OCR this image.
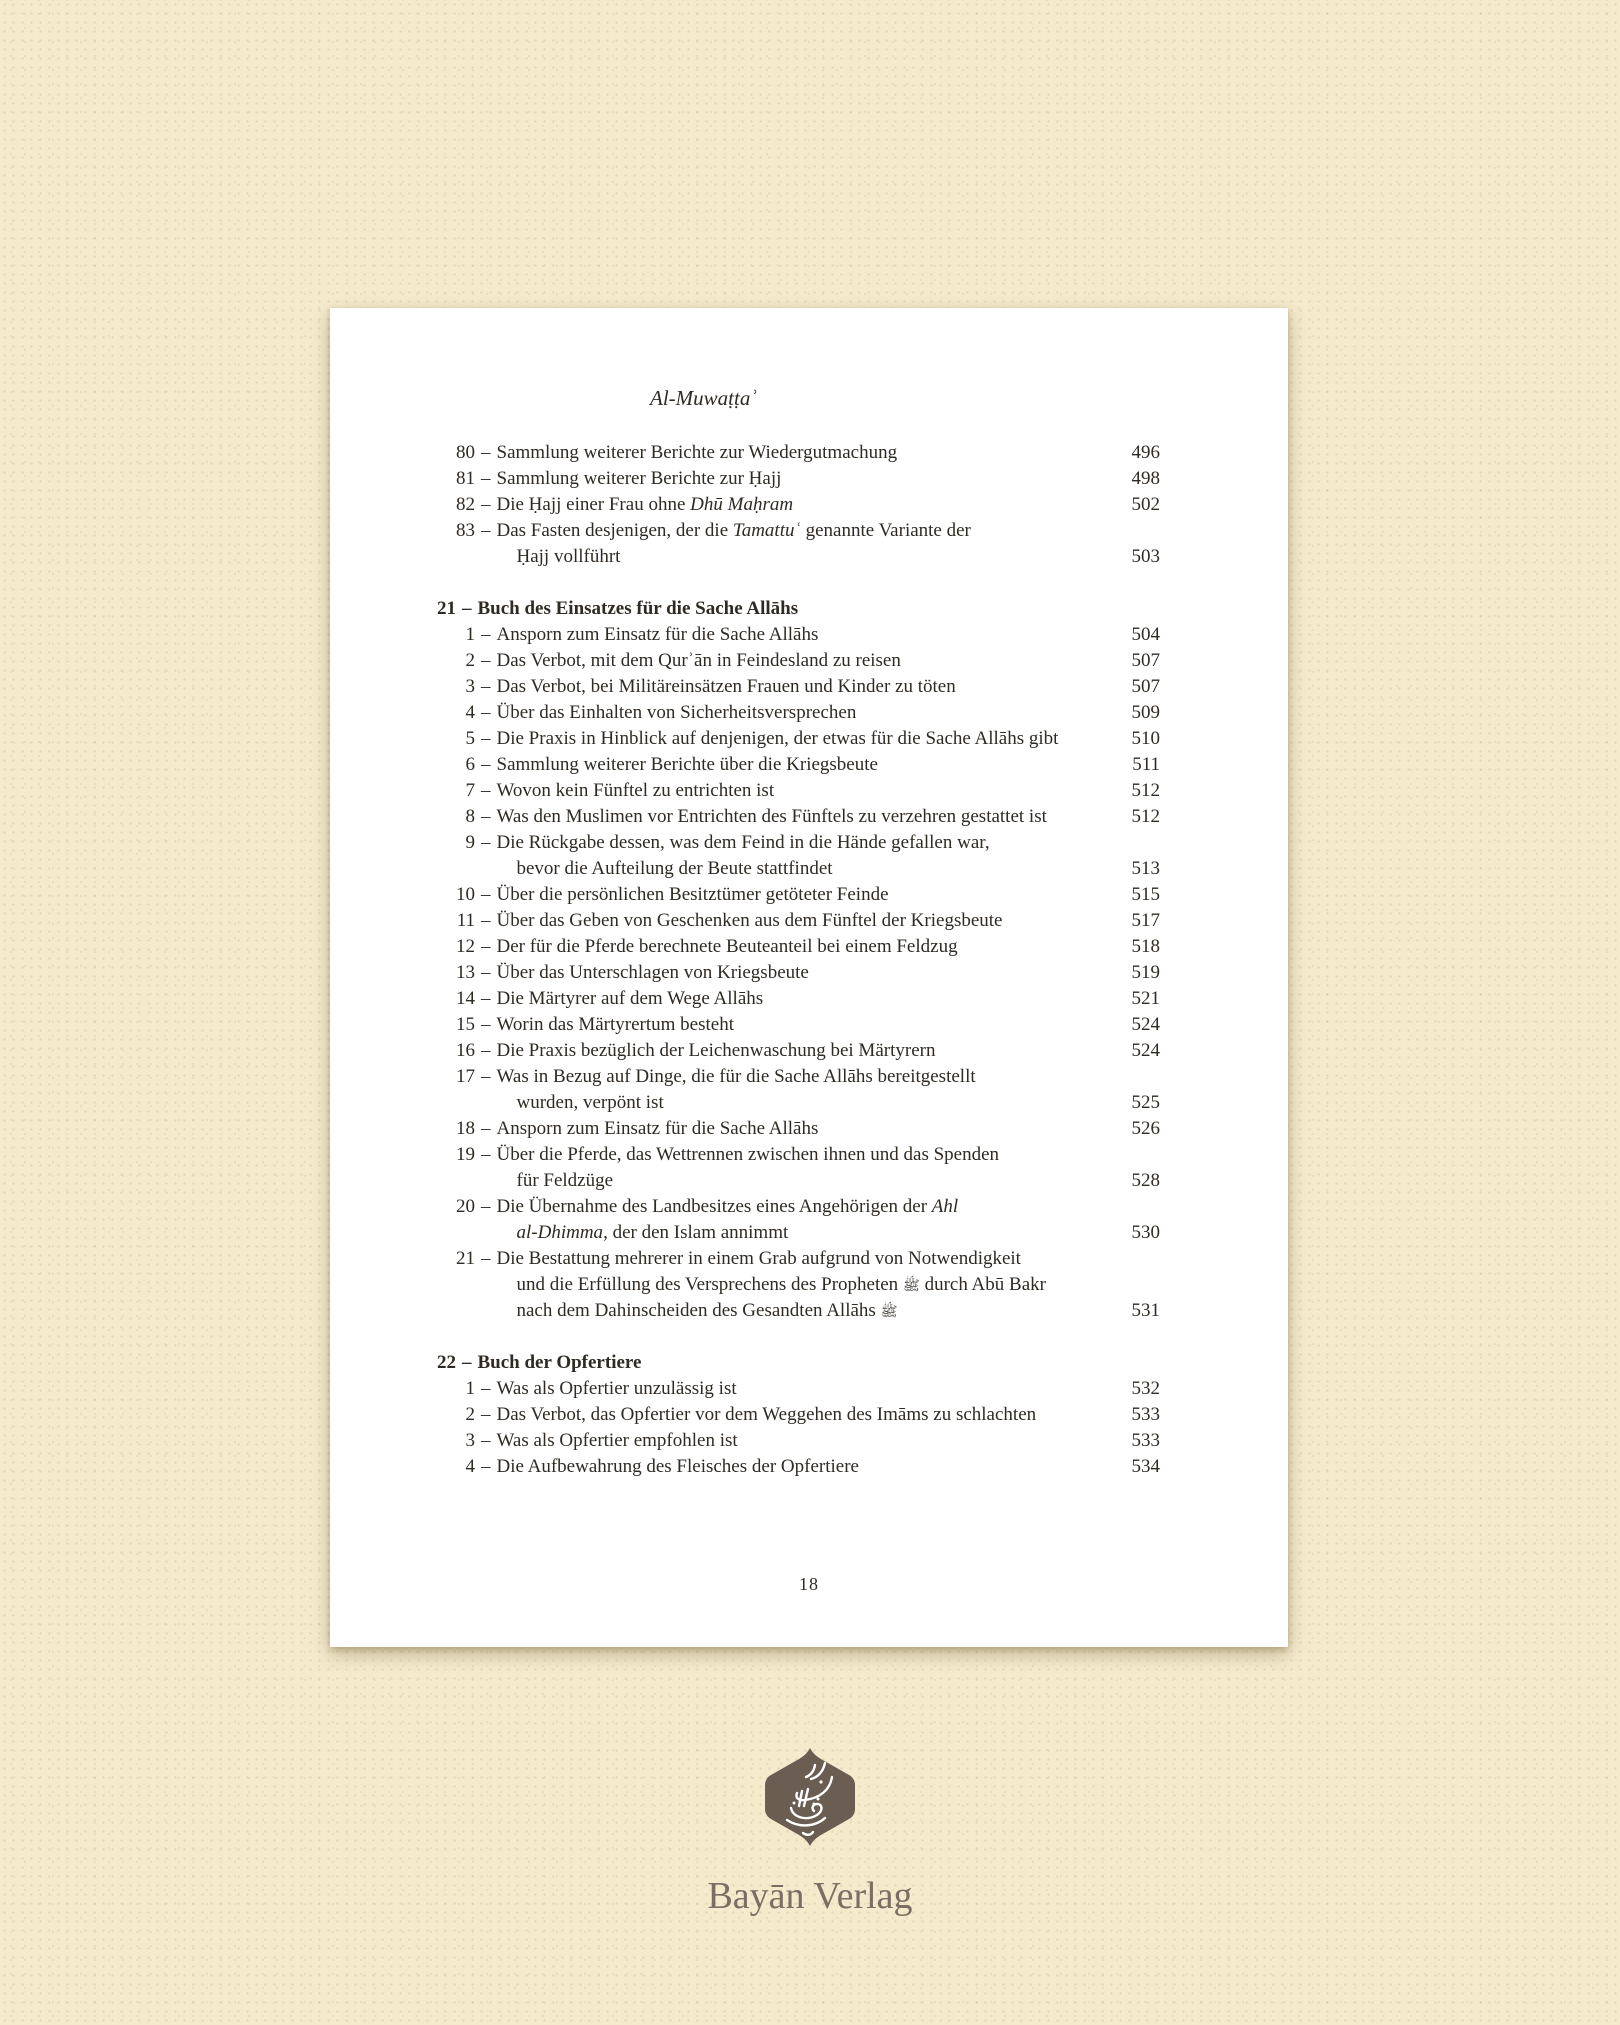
Al-Muwaṭṭaʾ
80 – Sammlung weiterer Berichte zur Wiedergutmachung	496
81 – Sammlung weiterer Berichte zur Ḥajj	498
82 – Die Ḥajj einer Frau ohne Dhū Maḥram	502
83 – Das Fasten desjenigen, der die Tamattuʿ genannte Variante der
Ḥajj vollführt	503
21 – Buch des Einsatzes für die Sache Allāhs
1 – Ansporn zum Einsatz für die Sache Allāhs	504
2 – Das Verbot, mit dem Qurʾān in Feindesland zu reisen	507
3 – Das Verbot, bei Militäreinsätzen Frauen und Kinder zu töten	507
4 – Über das Einhalten von Sicherheitsversprechen	509
5 – Die Praxis in Hinblick auf denjenigen, der etwas für die Sache Allāhs gibt	510
6 – Sammlung weiterer Berichte über die Kriegsbeute	511
7 – Wovon kein Fünftel zu entrichten ist	512
8 – Was den Muslimen vor Entrichten des Fünftels zu verzehren gestattet ist	512
9 – Die Rückgabe dessen, was dem Feind in die Hände gefallen war,
bevor die Aufteilung der Beute stattfindet	513
10 – Über die persönlichen Besitztümer getöteter Feinde	515
11 – Über das Geben von Geschenken aus dem Fünftel der Kriegsbeute	517
12 – Der für die Pferde berechnete Beuteanteil bei einem Feldzug	518
13 – Über das Unterschlagen von Kriegsbeute	519
14 – Die Märtyrer auf dem Wege Allāhs	521
15 – Worin das Märtyrertum besteht	524
16 – Die Praxis bezüglich der Leichenwaschung bei Märtyrern	524
17 – Was in Bezug auf Dinge, die für die Sache Allāhs bereitgestellt
wurden, verpönt ist	525
18 – Ansporn zum Einsatz für die Sache Allāhs	526
19 – Über die Pferde, das Wettrennen zwischen ihnen und das Spenden
für Feldzüge	528
20 – Die Übernahme des Landbesitzes eines Angehörigen der Ahl
al-Dhimma, der den Islam annimmt	530
21 – Die Bestattung mehrerer in einem Grab aufgrund von Notwendigkeit
und die Erfüllung des Versprechens des Propheten ﷺ durch Abū Bakr
nach dem Dahinscheiden des Gesandten Allāhs ﷺ	531
22 – Buch der Opfertiere
1 – Was als Opfertier unzulässig ist	532
2 – Das Verbot, das Opfertier vor dem Weggehen des Imāms zu schlachten	533
3 – Was als Opfertier empfohlen ist	533
4 – Die Aufbewahrung des Fleisches der Opfertiere	534
18
Bayān Verlag
